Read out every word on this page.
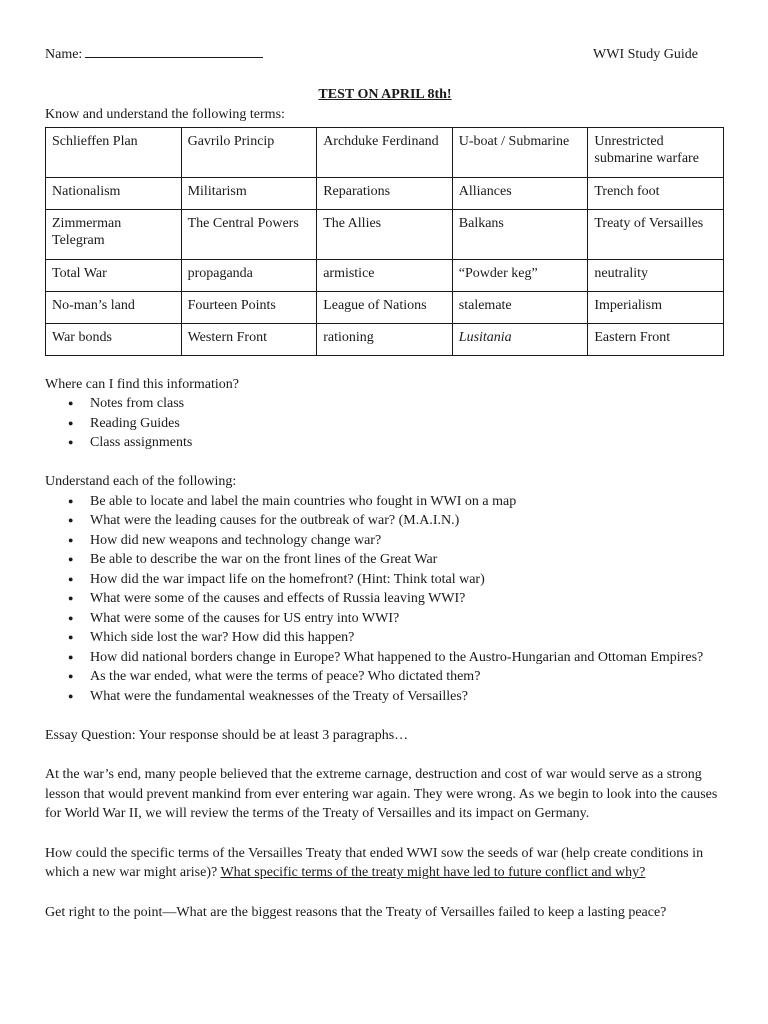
Name:	WWI Study Guide
TEST ON APRIL 8th!
Know and understand the following terms:
Schlieffen Plan	Gavrilo Princip	Archduke Ferdinand	U-boat / Submarine	Unrestricted submarine warfare
Nationalism	Militarism	Reparations	Alliances	Trench foot
Zimmerman Telegram	The Central Powers	The Allies	Balkans	Treaty of Versailles
Total War	propaganda	armistice	“Powder keg”	neutrality
No-man’s land	Fourteen Points	League of Nations	stalemate	Imperialism
War bonds	Western Front	rationing	Lusitania	Eastern Front
Where can I find this information?
● Notes from class
● Reading Guides
● Class assignments
Understand each of the following:
● Be able to locate and label the main countries who fought in WWI on a map
● What were the leading causes for the outbreak of war? (M.A.I.N.)
● How did new weapons and technology change war?
● Be able to describe the war on the front lines of the Great War
● How did the war impact life on the homefront? (Hint: Think total war)
● What were some of the causes and effects of Russia leaving WWI?
● What were some of the causes for US entry into WWI?
● Which side lost the war? How did this happen?
● How did national borders change in Europe? What happened to the Austro-Hungarian and Ottoman Empires?
● As the war ended, what were the terms of peace? Who dictated them?
● What were the fundamental weaknesses of the Treaty of Versailles?

Essay Question: Your response should be at least 3 paragraphs…

At the war’s end, many people believed that the extreme carnage, destruction and cost of war would serve as a strong lesson that would prevent mankind from ever entering war again. They were wrong. As we begin to look into the causes for World War II, we will review the terms of the Treaty of Versailles and its impact on Germany.

How could the specific terms of the Versailles Treaty that ended WWI sow the seeds of war (help create conditions in which a new war might arise)? What specific terms of the treaty might have led to future conflict and why?

Get right to the point—What are the biggest reasons that the Treaty of Versailles failed to keep a lasting peace?
